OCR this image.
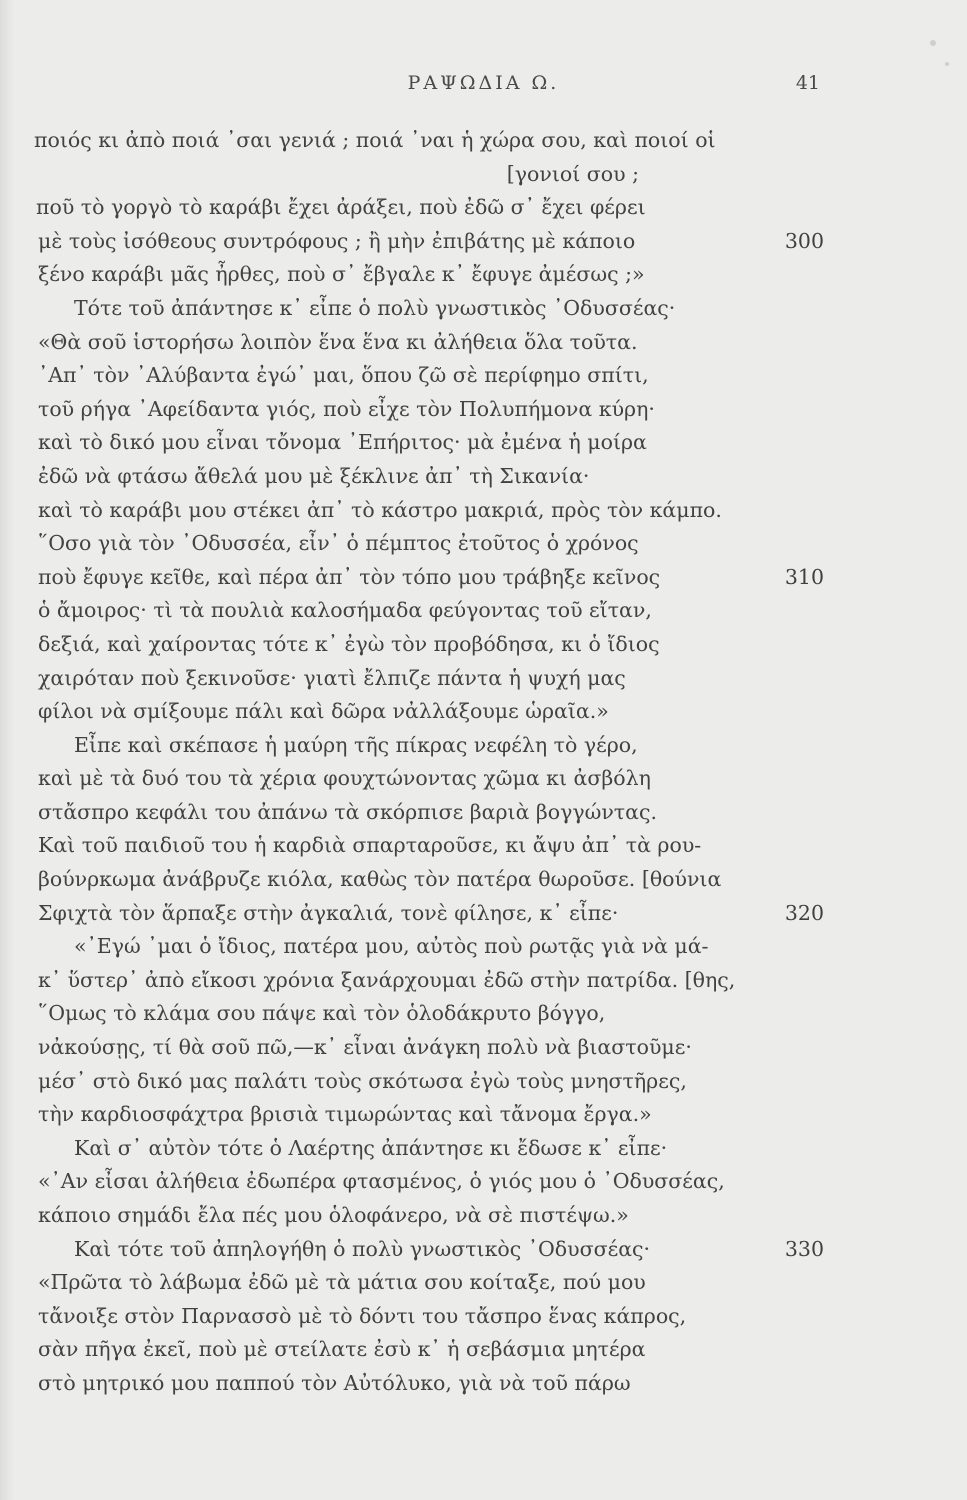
ΡΑΨΩΔΙΑ Ω.	41
ποιός κι ἀπὸ ποιά ᾿σαι γενιά ; ποιά ᾿ναι ἡ χώρα σου, καὶ ποιοί οἱ
[γονιοί σου ;
ποῦ τὸ γοργὸ τὸ καράβι ἔχει ἀράξει, ποὺ ἐδῶ σ᾿ ἔχει φέρει
μὲ τοὺς ἰσόθεους συντρόφους ; ἢ μὴν ἐπιβάτης μὲ κάποιο	300
ξένο καράβι μᾶς ἦρθες, ποὺ σ᾿ ἔβγαλε κ᾿ ἔφυγε ἀμέσως ;»
Τότε τοῦ ἀπάντησε κ᾿ εἶπε ὁ πολὺ γνωστικὸς ᾿Οδυσσέας·
«Θὰ σοῦ ἱστορήσω λοιπὸν ἕνα ἕνα κι ἀλήθεια ὅλα τοῦτα.
᾿Απ᾿ τὸν ᾿Αλύβαντα ἐγώ᾿ μαι, ὅπου ζῶ σὲ περίφημο σπίτι,
τοῦ ρήγα ᾿Αφείδαντα γιός, ποὺ εἶχε τὸν Πολυπήμονα κύρη·
καὶ τὸ δικό μου εἶναι τὄνομα ᾿Επήριτος· μὰ ἐμένα ἡ μοίρα
ἐδῶ νὰ φτάσω ἄθελά μου μὲ ξέκλινε ἀπ᾿ τὴ Σικανία·
καὶ τὸ καράβι μου στέκει ἀπ᾿ τὸ κάστρο μακριά, πρὸς τὸν κάμπο.
῞Οσο γιὰ τὸν ᾿Οδυσσέα, εἶν᾿ ὁ πέμπτος ἐτοῦτος ὁ χρόνος
ποὺ ἔφυγε κεῖθε, καὶ πέρα ἀπ᾿ τὸν τόπο μου τράβηξε κεῖνος	310
ὁ ἄμοιρος· τὶ τὰ πουλιὰ καλοσήμαδα φεύγοντας τοῦ εἴταν,
δεξιά, καὶ χαίροντας τότε κ᾿ ἐγὼ τὸν προβόδησα, κι ὁ ἴδιος
χαιρόταν ποὺ ξεκινοῦσε· γιατὶ ἔλπιζε πάντα ἡ ψυχή μας
φίλοι νὰ σμίξουμε πάλι καὶ δῶρα νἀλλάξουμε ὡραῖα.»
Εἶπε καὶ σκέπασε ἡ μαύρη τῆς πίκρας νεφέλη τὸ γέρο,
καὶ μὲ τὰ δυό του τὰ χέρια φουχτώνοντας χῶμα κι ἀσβόλη
στἄσπρο κεφάλι του ἀπάνω τὰ σκόρπισε βαριὰ βογγώντας.
Καὶ τοῦ παιδιοῦ του ἡ καρδιὰ σπαρταροῦσε, κι ἄψυ ἀπ᾿ τὰ ρου-
βούνρκωμα ἀνάβρυζε κιόλα, καθὼς τὸν πατέρα θωροῦσε. [θούνια
Σφιχτὰ τὸν ἅρπαξε στὴν ἀγκαλιά, τονὲ φίλησε, κ᾿ εἶπε·	320
«᾿Εγώ ᾿μαι ὁ ἴδιος, πατέρα μου, αὐτὸς ποὺ ρωτᾷς γιὰ νὰ μά-
κ᾿ ὕστερ᾿ ἀπὸ εἴκοσι χρόνια ξανάρχουμαι ἐδῶ στὴν πατρίδα. [θης,
῞Ομως τὸ κλάμα σου πάψε καὶ τὸν ὁλοδάκρυτο βόγγο,
νἀκούσῃς, τί θὰ σοῦ πῶ,—κ᾿ εἶναι ἀνάγκη πολὺ νὰ βιαστοῦμε·
μέσ᾿ στὸ δικό μας παλάτι τοὺς σκότωσα ἐγὼ τοὺς μνηστῆρες,
τὴν καρδιοσφάχτρα βρισιὰ τιμωρώντας καὶ τἄνομα ἔργα.»
Καὶ σ᾿ αὐτὸν τότε ὁ Λαέρτης ἀπάντησε κι ἔδωσε κ᾿ εἶπε·
«᾿Αν εἶσαι ἀλήθεια ἐδωπέρα φτασμένος, ὁ γιός μου ὁ ᾿Οδυσσέας,
κάποιο σημάδι ἔλα πές μου ὁλοφάνερο, νὰ σὲ πιστέψω.»
Καὶ τότε τοῦ ἀπηλογήθη ὁ πολὺ γνωστικὸς ᾿Οδυσσέας·	330
«Πρῶτα τὸ λάβωμα ἐδῶ μὲ τὰ μάτια σου κοίταξε, πού μου
τἄνοιξε στὸν Παρνασσὸ μὲ τὸ δόντι του τἄσπρο ἕνας κάπρος,
σὰν πῆγα ἐκεῖ, ποὺ μὲ στείλατε ἐσὺ κ᾿ ἡ σεβάσμια μητέρα
στὸ μητρικό μου παππού τὸν Αὐτόλυκο, γιὰ νὰ τοῦ πάρω
